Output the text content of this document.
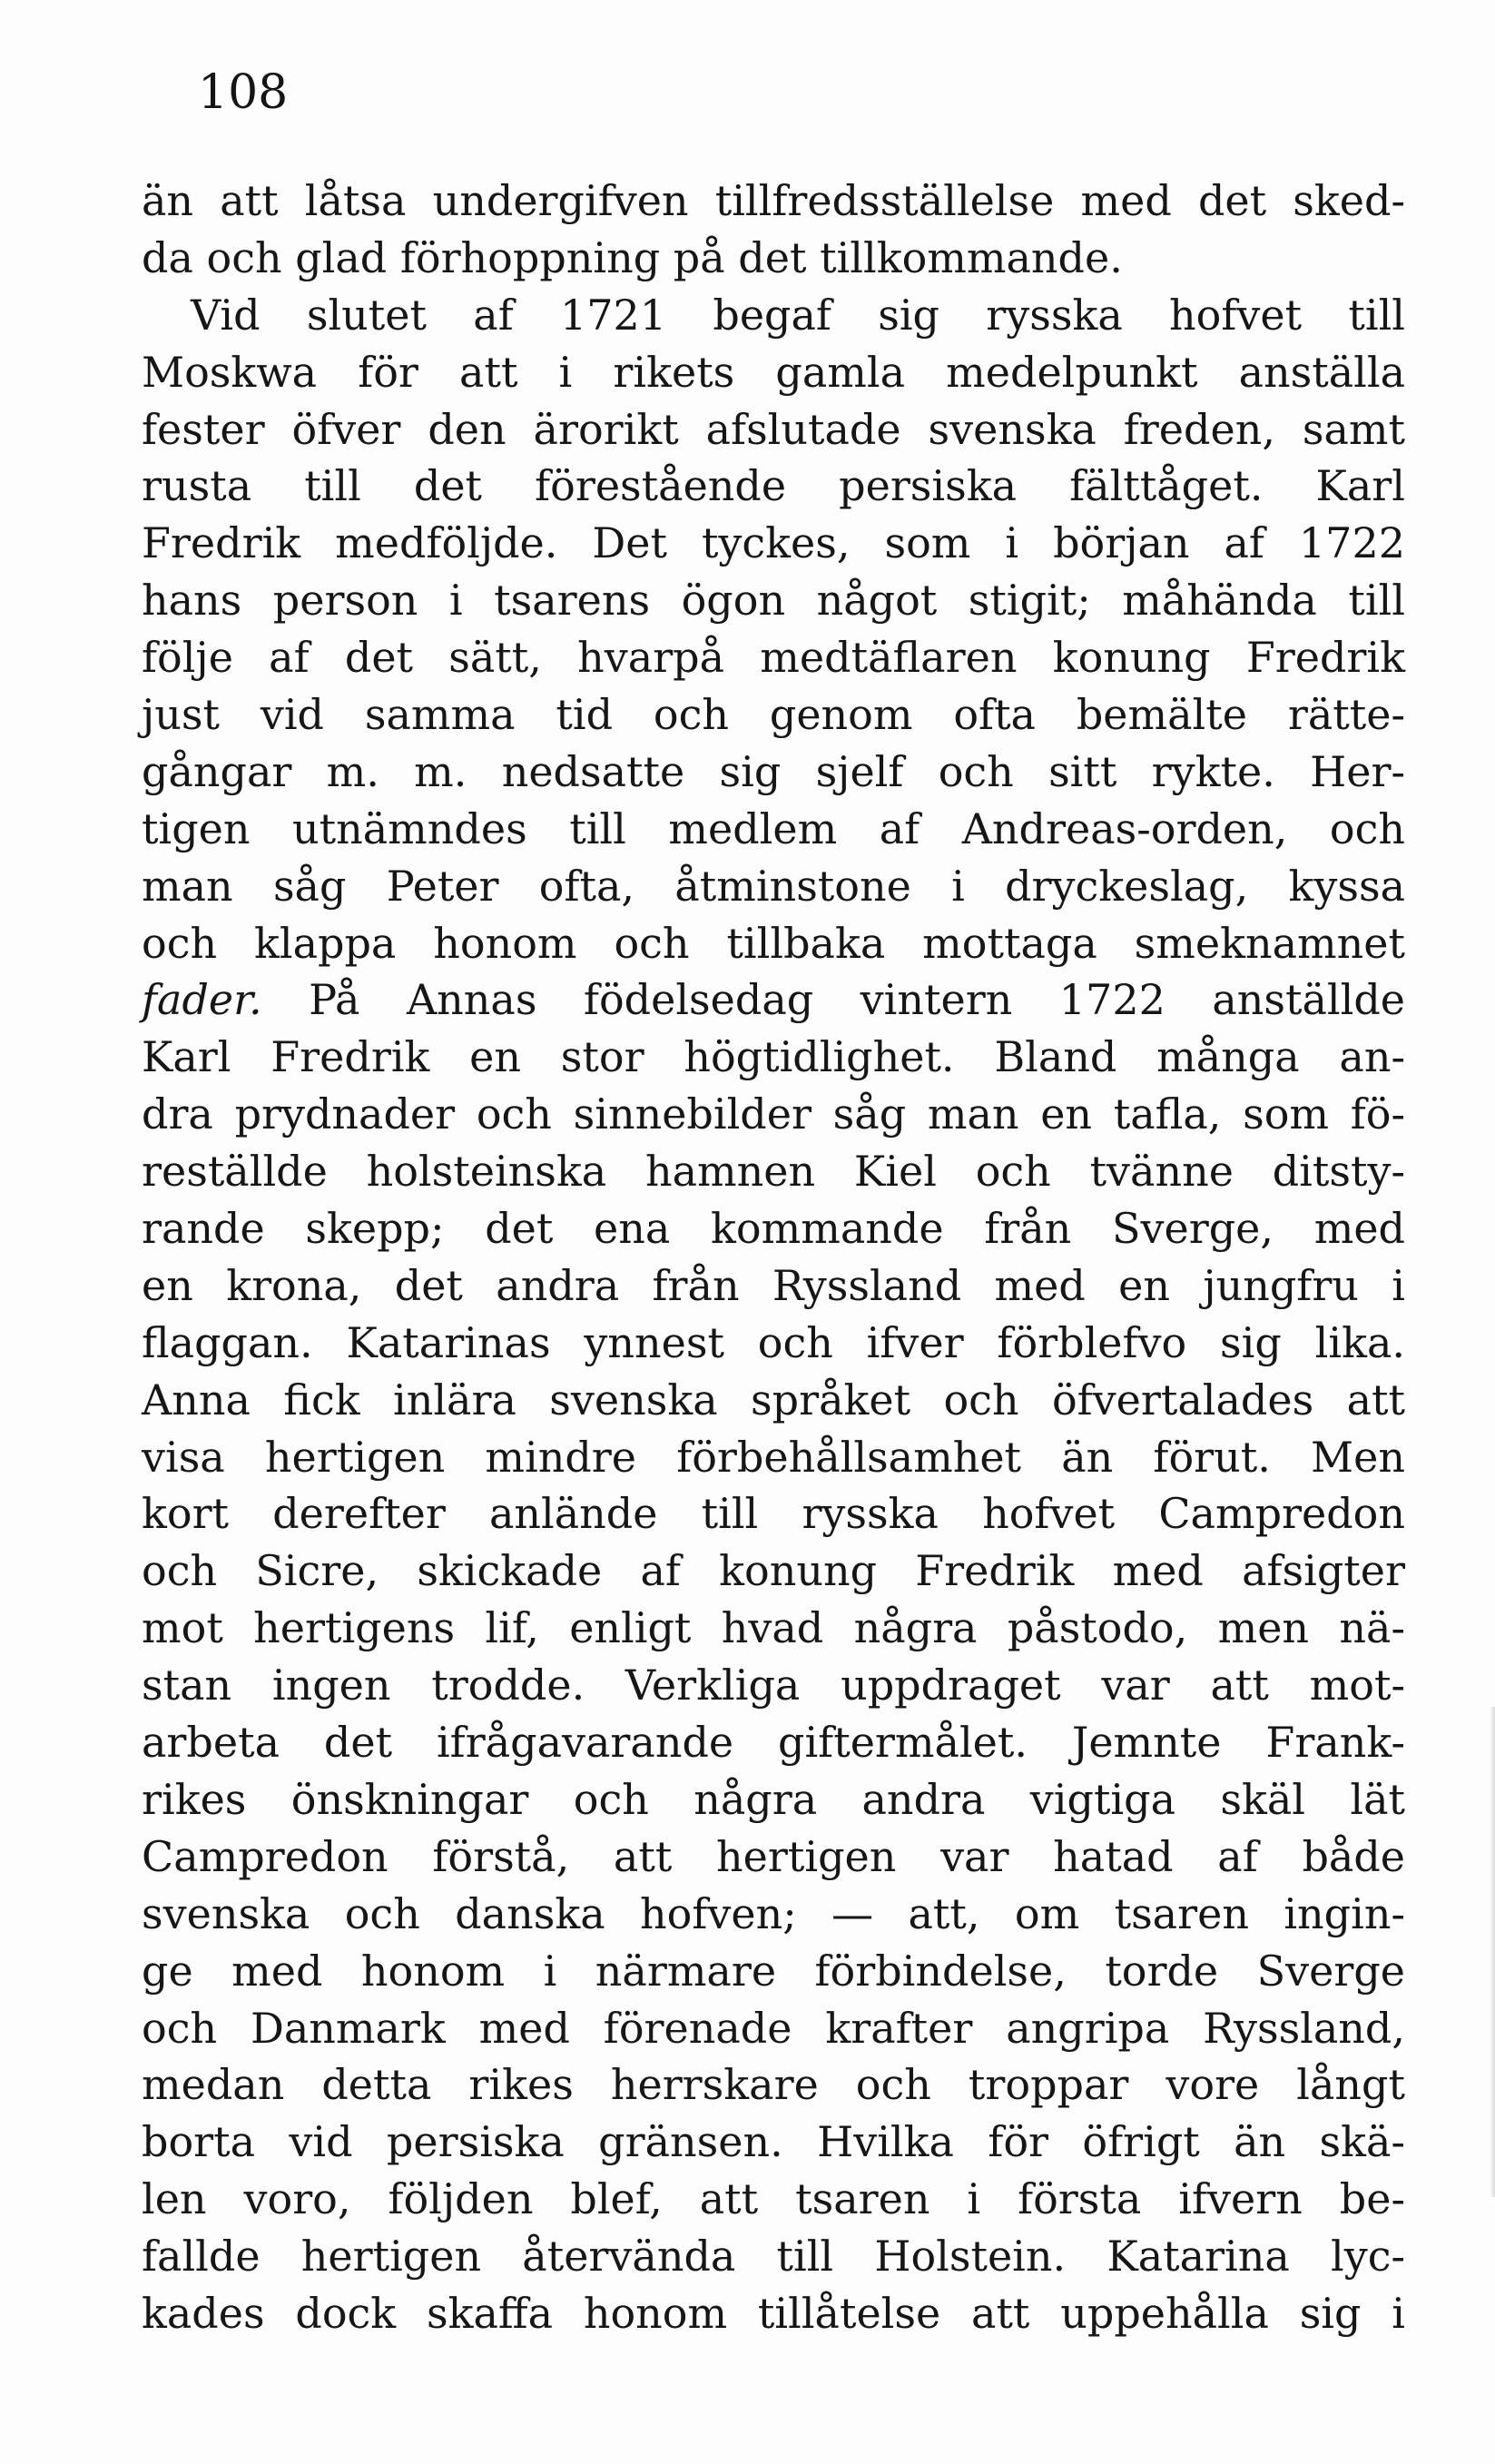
108
än att låtsa undergifven tillfredsställelse med det sked-
da och glad förhoppning på det tillkommande.
Vid slutet af 1721 begaf sig rysska hofvet till
Moskwa för att i rikets gamla medelpunkt anställa
fester öfver den ärorikt afslutade svenska freden, samt
rusta till det förestående persiska fälttåget. Karl
Fredrik medföljde. Det tyckes, som i början af 1722
hans person i tsarens ögon något stigit; måhända till
följe af det sätt, hvarpå medtäflaren konung Fredrik
just vid samma tid och genom ofta bemälte rätte-
gångar m. m. nedsatte sig sjelf och sitt rykte. Her-
tigen utnämndes till medlem af Andreas-orden, och
man såg Peter ofta, åtminstone i dryckeslag, kyssa
och klappa honom och tillbaka mottaga smeknamnet
fader. På Annas födelsedag vintern 1722 anställde
Karl Fredrik en stor högtidlighet. Bland många an-
dra prydnader och sinnebilder såg man en tafla, som fö-
reställde holsteinska hamnen Kiel och tvänne ditsty-
rande skepp; det ena kommande från Sverge, med
en krona, det andra från Ryssland med en jungfru i
flaggan. Katarinas ynnest och ifver förblefvo sig lika.
Anna fick inlära svenska språket och öfvertalades att
visa hertigen mindre förbehållsamhet än förut. Men
kort derefter anlände till rysska hofvet Campredon
och Sicre, skickade af konung Fredrik med afsigter
mot hertigens lif, enligt hvad några påstodo, men nä-
stan ingen trodde. Verkliga uppdraget var att mot-
arbeta det ifrågavarande giftermålet. Jemnte Frank-
rikes önskningar och några andra vigtiga skäl lät
Campredon förstå, att hertigen var hatad af både
svenska och danska hofven; — att, om tsaren ingin-
ge med honom i närmare förbindelse, torde Sverge
och Danmark med förenade krafter angripa Ryssland,
medan detta rikes herrskare och troppar vore långt
borta vid persiska gränsen. Hvilka för öfrigt än skä-
len voro, följden blef, att tsaren i första ifvern be-
fallde hertigen återvända till Holstein. Katarina lyc-
kades dock skaffa honom tillåtelse att uppehålla sig i
